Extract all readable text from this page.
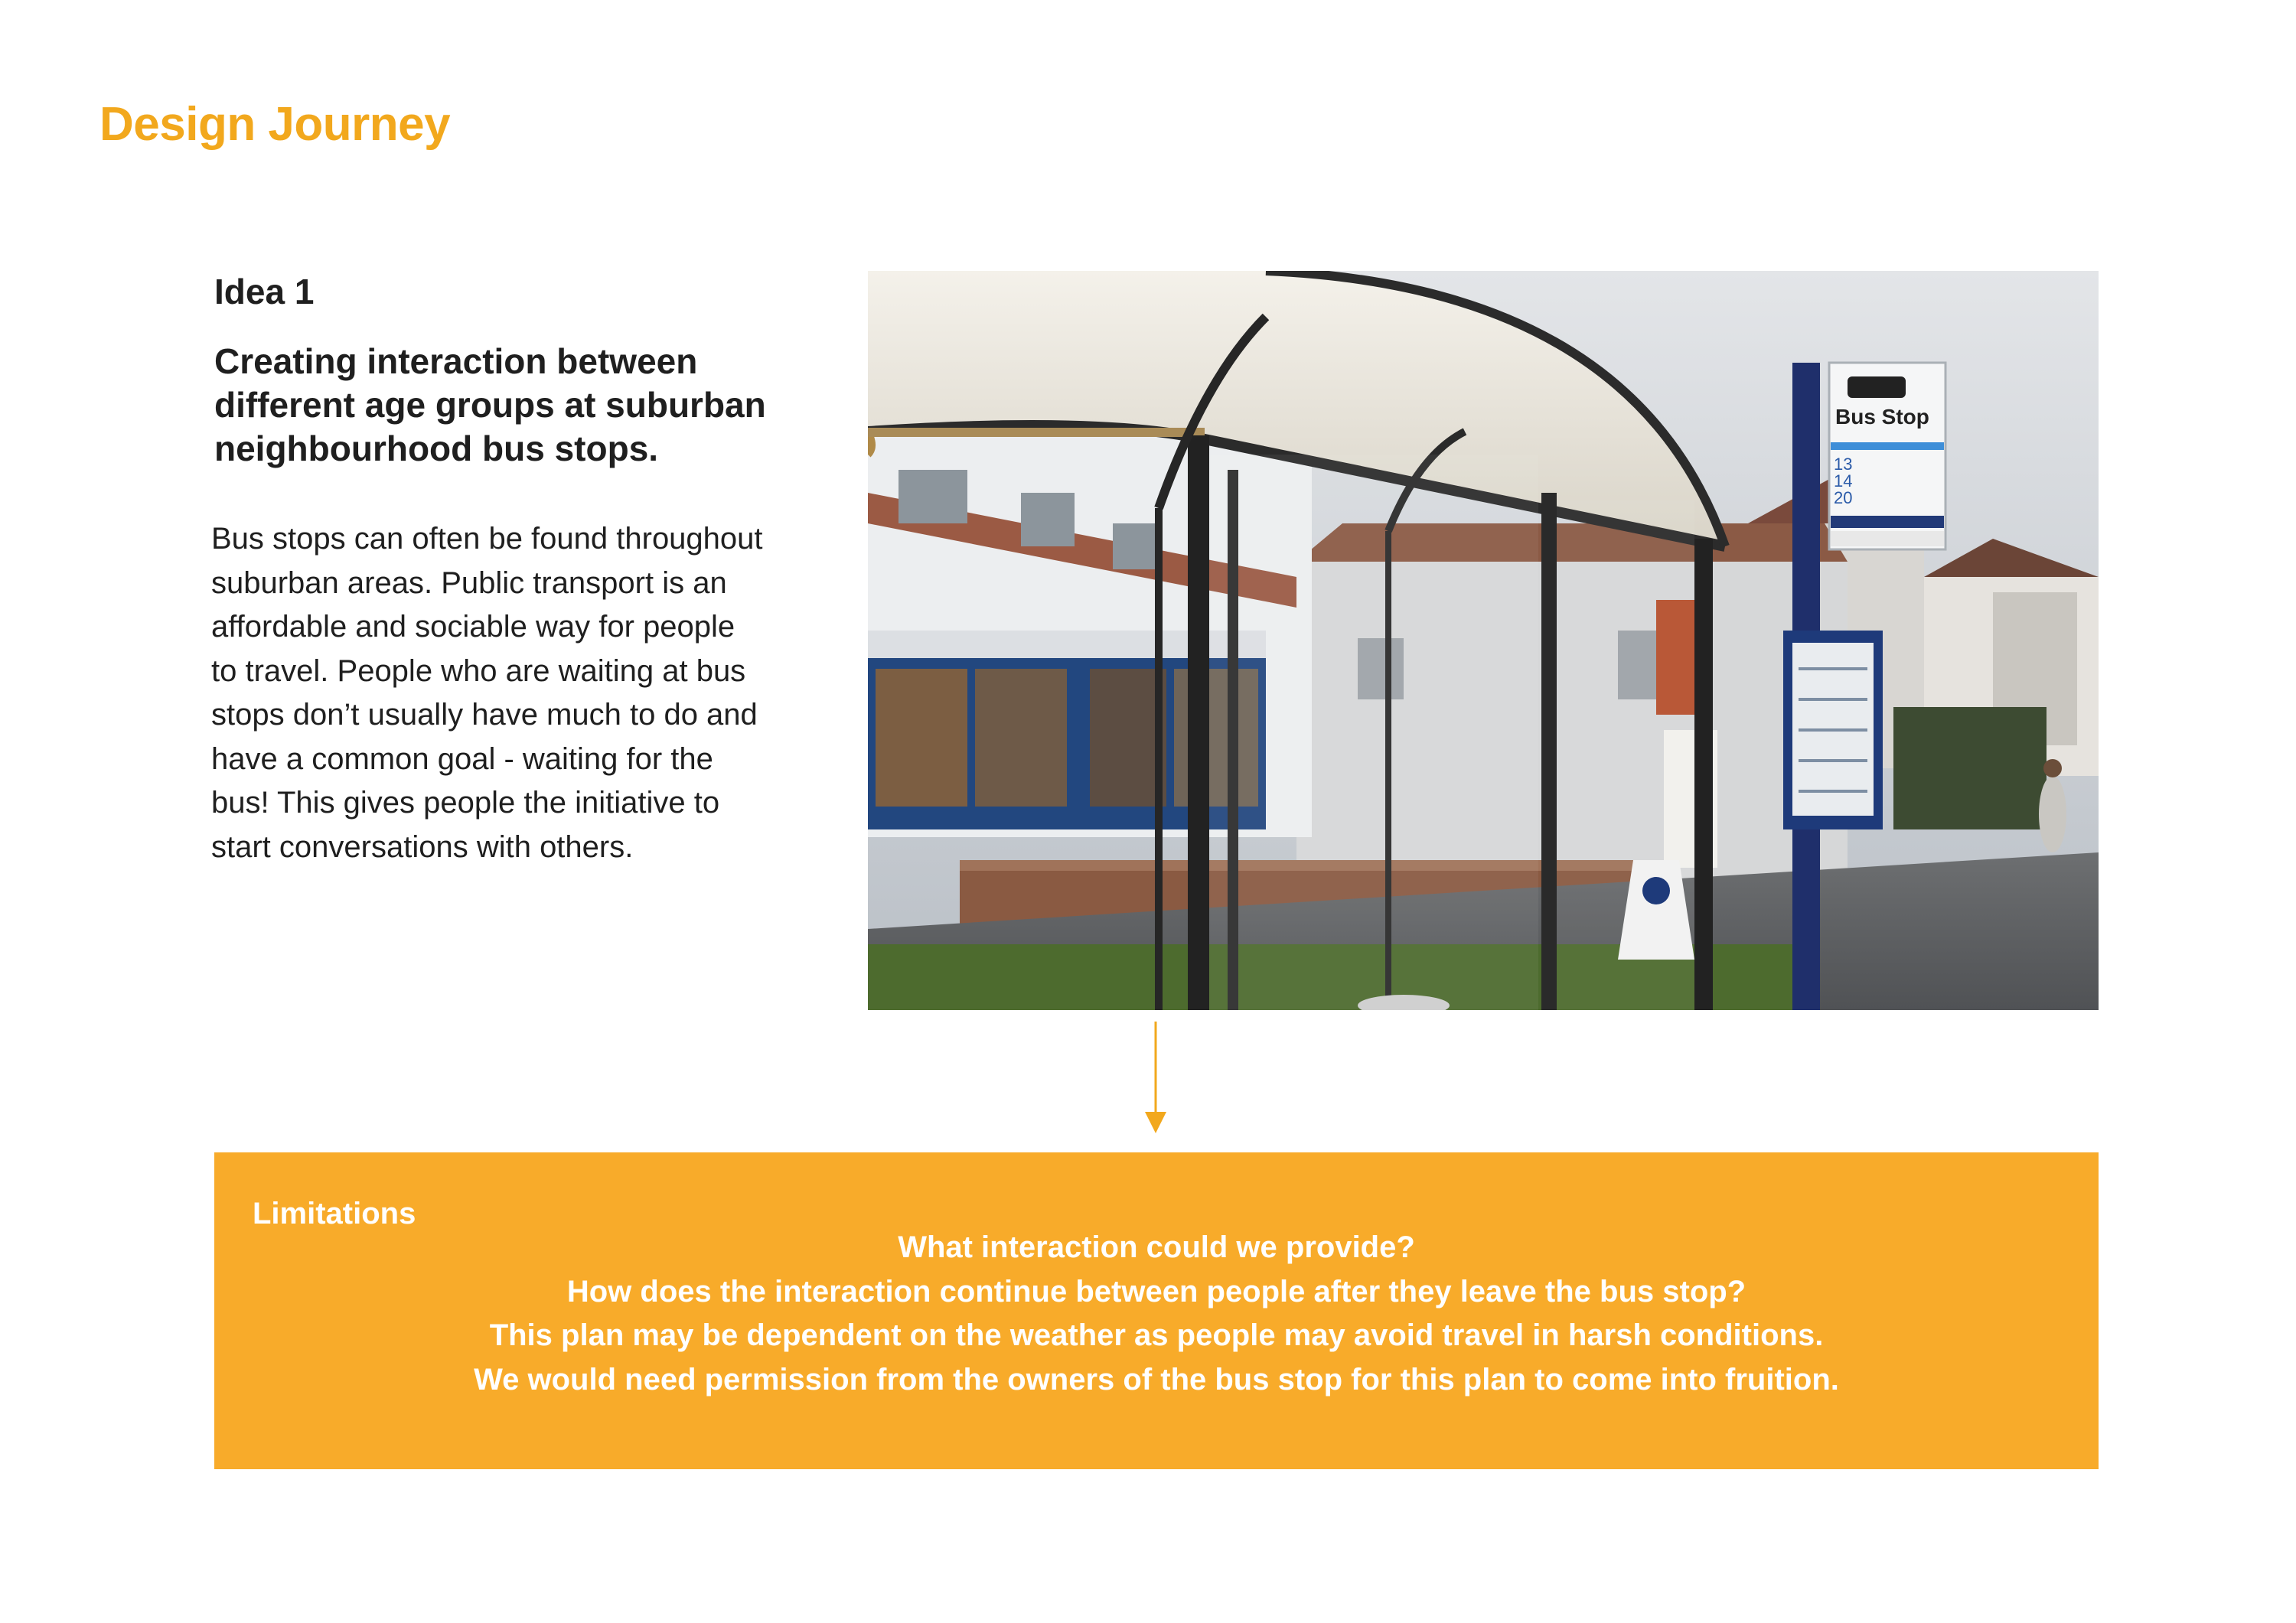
Design Journey
Idea 1
Creating interaction between
different age groups at suburban
neighbourhood bus stops.
Bus stops can often be found throughout
suburban areas. Public transport is an
affordable and sociable way for people
to travel. People who are waiting at bus
stops don’t usually have much to do and
have a common goal - waiting for the
bus! This gives people the initiative to
start conversations with others.
Bus Stop
13
14
20
Limitations
What interaction could we provide?
How does the interaction continue between people after they leave the bus stop?
This plan may be dependent on the weather as people may avoid travel in harsh conditions.
We would need permission from the owners of the bus stop for this plan to come into fruition.
